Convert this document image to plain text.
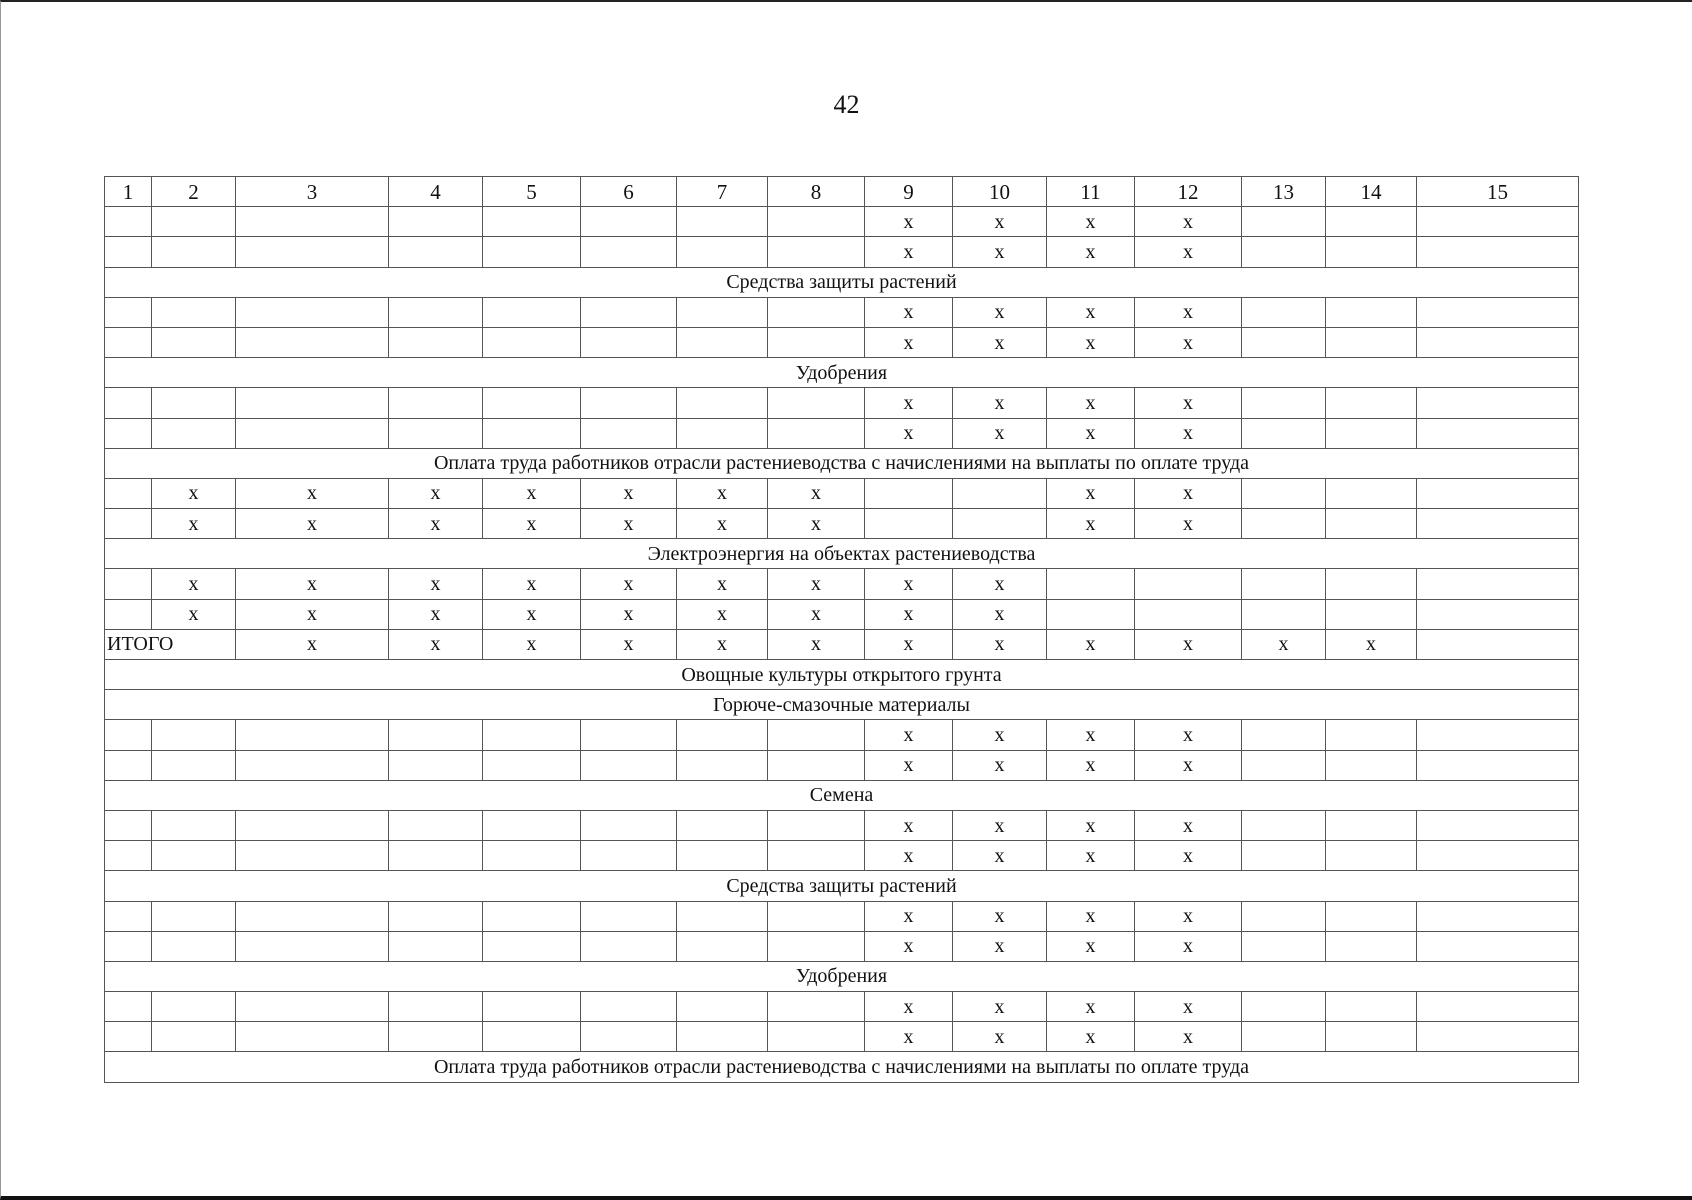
42
1	2	3	4	5	6	7	8	9	10	11	12	13	14	15
								x	x	x	x			
								x	x	x	x			
Средства защиты растений														
								x	x	x	x			
								x	x	x	x			
Удобрения														
								x	x	x	x			
								x	x	x	x			
Оплата труда работников отрасли растениеводства с начислениями на выплаты по оплате труда														
	x	x	x	x	x	x	x			x	x			
	x	x	x	x	x	x	x			x	x			
Электроэнергия на объектах растениеводства														
	x	x	x	x	x	x	x	x	x					
	x	x	x	x	x	x	x	x	x					
ИТОГО		x	x	x	x	x	x	x	x	x	x	x	x	
Овощные культуры открытого грунта														
Горюче-смазочные материалы														
								x	x	x	x			
								x	x	x	x			
Семена														
								x	x	x	x			
								x	x	x	x			
Средства защиты растений														
								x	x	x	x			
								x	x	x	x			
Удобрения														
								x	x	x	x			
								x	x	x	x			
Оплата труда работников отрасли растениеводства с начислениями на выплаты по оплате труда														
